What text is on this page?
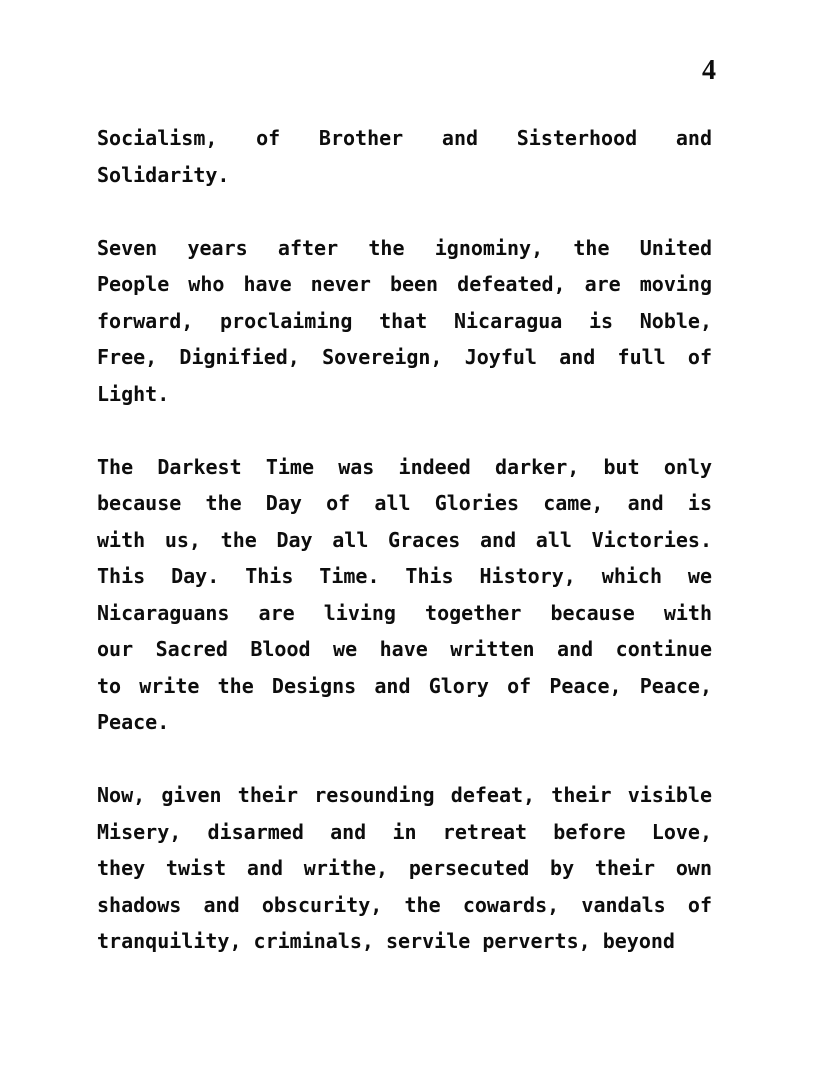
4
Socialism, of Brother and Sisterhood and
Solidarity.
Seven years after the ignominy, the United
People who have never been defeated, are moving
forward, proclaiming that Nicaragua is Noble,
Free, Dignified, Sovereign, Joyful and full of
Light.
The Darkest Time was indeed darker, but only
because the Day of all Glories came, and is
with us, the Day all Graces and all Victories.
This Day. This Time. This History, which we
Nicaraguans are living together because with
our Sacred Blood we have written and continue
to write the Designs and Glory of Peace, Peace,
Peace.
Now, given their resounding defeat, their visible
Misery, disarmed and in retreat before Love,
they twist and writhe, persecuted by their own
shadows and obscurity, the cowards, vandals of
tranquility, criminals, servile perverts, beyond
